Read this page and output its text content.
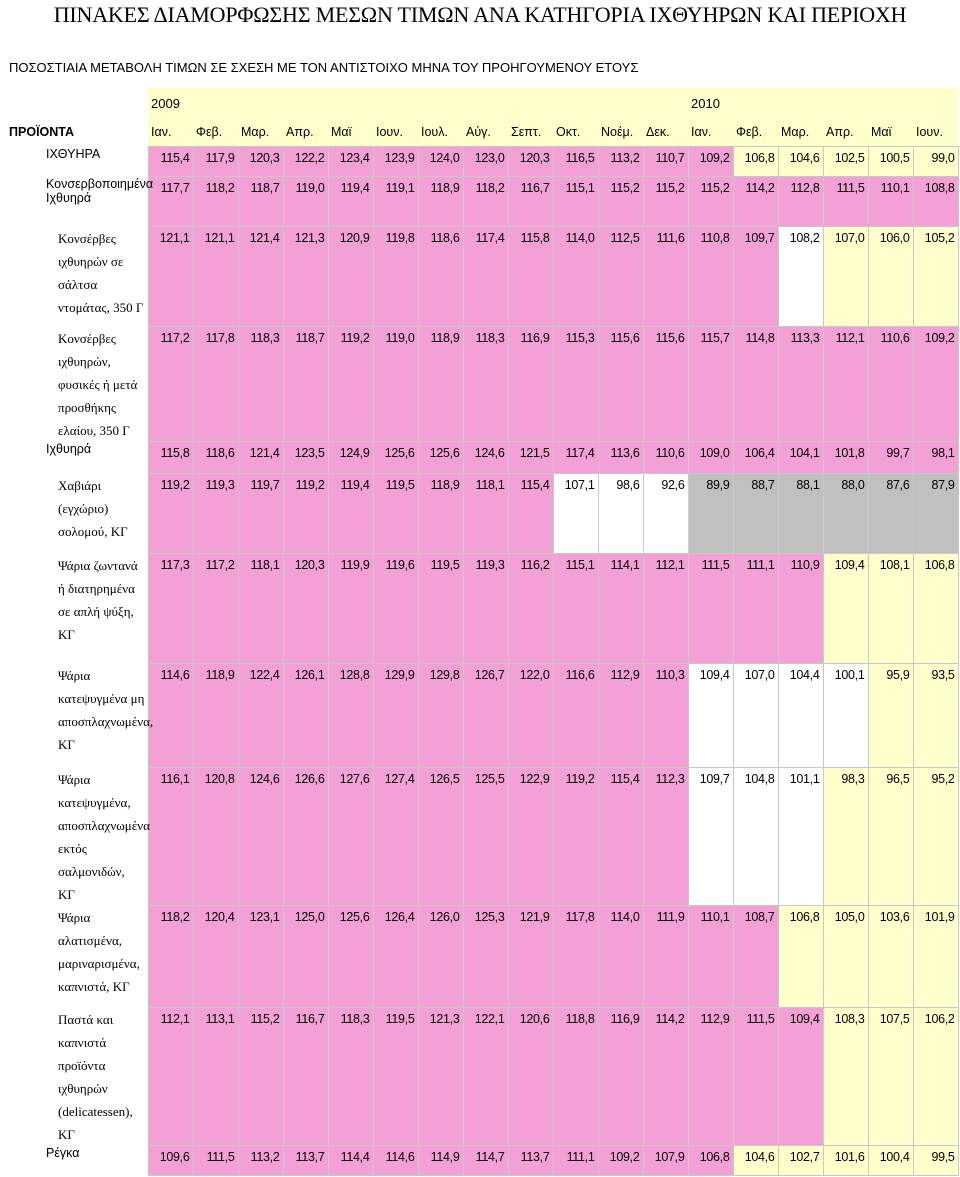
ΠΙΝΑΚΕΣ ΔΙΑΜΟΡΦΩΣΗΣ ΜΕΣΩΝ ΤΙΜΩΝ ΑΝΑ ΚΑΤΗΓΟΡΙΑ ΙΧΘΥΗΡΩΝ ΚΑΙ ΠΕΡΙΟΧΗ
ΠΟΣΟΣΤΙΑΙΑ ΜΕΤΑΒΟΛΗ ΤΙΜΩΝ ΣΕ ΣΧΕΣΗ ΜΕ ΤΟΝ ΑΝΤΙΣΤΟΙΧΟ ΜΗΝΑ ΤΟΥ ΠΡΟΗΓΟΥΜΕΝΟΥ ΕΤΟΥΣ																		
	2009												2010					
ΠΡΟΪΟΝΤΑ	Ιαν.	Φεβ.	Μαρ.	Απρ.	Μαϊ	Ιουν.	Ιουλ.	Αύγ.	Σεπτ.	Οκτ.	Νοέμ.	Δεκ.	Ιαν.	Φεβ.	Μαρ.	Απρ.	Μαϊ	Ιουν.
ΙΧΘΥΗΡΑ	115,4	117,9	120,3	122,2	123,4	123,9	124,0	123,0	120,3	116,5	113,2	110,7	109,2	106,8	104,6	102,5	100,5	99,0
Κονσερβοποιημένα Ιχθυηρά	117,7	118,2	118,7	119,0	119,4	119,1	118,9	118,2	116,7	115,1	115,2	115,2	115,2	114,2	112,8	111,5	110,1	108,8
Κονσέρβες ιχθυηρών σε σάλτσα ντομάτας, 350 Γ	121,1	121,1	121,4	121,3	120,9	119,8	118,6	117,4	115,8	114,0	112,5	111,6	110,8	109,7	108,2	107,0	106,0	105,2
Κονσέρβες ιχθυηρών, φυσικές ή μετά προσθήκης ελαίου, 350 Γ	117,2	117,8	118,3	118,7	119,2	119,0	118,9	118,3	116,9	115,3	115,6	115,6	115,7	114,8	113,3	112,1	110,6	109,2
Ιχθυηρά	115,8	118,6	121,4	123,5	124,9	125,6	125,6	124,6	121,5	117,4	113,6	110,6	109,0	106,4	104,1	101,8	99,7	98,1
Χαβιάρι (εγχώριο) σολομού, ΚΓ	119,2	119,3	119,7	119,2	119,4	119,5	118,9	118,1	115,4	107,1	98,6	92,6	89,9	88,7	88,1	88,0	87,6	87,9
Ψάρια ζωντανά ή διατηρημένα σε απλή ψύξη, ΚΓ	117,3	117,2	118,1	120,3	119,9	119,6	119,5	119,3	116,2	115,1	114,1	112,1	111,5	111,1	110,9	109,4	108,1	106,8
Ψάρια κατεψυγμένα μη αποσπλαχνωμένα, ΚΓ	114,6	118,9	122,4	126,1	128,8	129,9	129,8	126,7	122,0	116,6	112,9	110,3	109,4	107,0	104,4	100,1	95,9	93,5
Ψάρια κατεψυγμένα, αποσπλαχνωμένα εκτός σαλμονιδών, ΚΓ	116,1	120,8	124,6	126,6	127,6	127,4	126,5	125,5	122,9	119,2	115,4	112,3	109,7	104,8	101,1	98,3	96,5	95,2
Ψάρια αλατισμένα, μαριναρισμένα, καπνιστά, ΚΓ	118,2	120,4	123,1	125,0	125,6	126,4	126,0	125,3	121,9	117,8	114,0	111,9	110,1	108,7	106,8	105,0	103,6	101,9
Παστά και καπνιστά προϊόντα ιχθυηρών (delicatessen), ΚΓ	112,1	113,1	115,2	116,7	118,3	119,5	121,3	122,1	120,6	118,8	116,9	114,2	112,9	111,5	109,4	108,3	107,5	106,2
Ρέγκα	109,6	111,5	113,2	113,7	114,4	114,6	114,9	114,7	113,7	111,1	109,2	107,9	106,8	104,6	102,7	101,6	100,4	99,5
